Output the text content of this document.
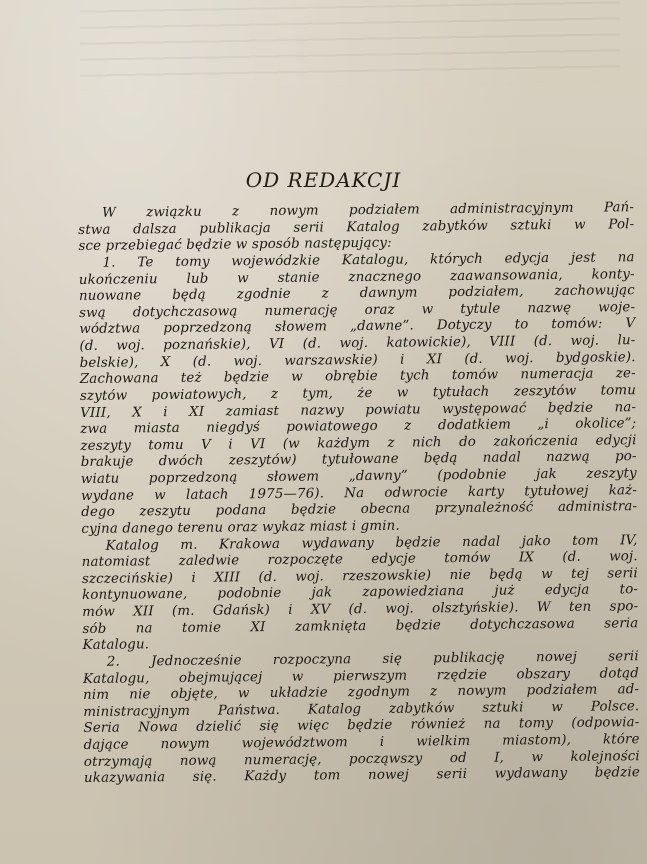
OD REDAKCJI
W związku z nowym podziałem administracyjnym Pań-
stwa dalsza publikacja serii Katalog zabytków sztuki w Pol-
sce przebiegać będzie w sposób następujący:
1. Te tomy wojewódzkie Katalogu, których edycja jest na
ukończeniu lub w stanie znacznego zaawansowania, konty-
nuowane będą zgodnie z dawnym podziałem, zachowując
swą dotychczasową numerację oraz w tytule nazwę woje-
wództwa poprzedzoną słowem „dawne”. Dotyczy to tomów: V
(d. woj. poznańskie), VI (d. woj. katowickie), VIII (d. woj. lu-
belskie), X (d. woj. warszawskie) i XI (d. woj. bydgoskie).
Zachowana też będzie w obrębie tych tomów numeracja ze-
szytów powiatowych, z tym, że w tytułach zeszytów tomu
VIII, X i XI zamiast nazwy powiatu występować będzie na-
zwa miasta niegdyś powiatowego z dodatkiem „i okolice”;
zeszyty tomu V i VI (w każdym z nich do zakończenia edycji
brakuje dwóch zeszytów) tytułowane będą nadal nazwą po-
wiatu poprzedzoną słowem „dawny” (podobnie jak zeszyty
wydane w latach 1975—76). Na odwrocie karty tytułowej każ-
dego zeszytu podana będzie obecna przynależność administra-
cyjna danego terenu oraz wykaz miast i gmin.
Katalog m. Krakowa wydawany będzie nadal jako tom IV,
natomiast zaledwie rozpoczęte edycje tomów IX (d. woj.
szczecińskie) i XIII (d. woj. rzeszowskie) nie będą w tej serii
kontynuowane, podobnie jak zapowiedziana już edycja to-
mów XII (m. Gdańsk) i XV (d. woj. olsztyńskie). W ten spo-
sób na tomie XI zamknięta będzie dotychczasowa seria
Katalogu.
2. Jednocześnie rozpoczyna się publikację nowej serii
Katalogu, obejmującej w pierwszym rzędzie obszary dotąd
nim nie objęte, w układzie zgodnym z nowym podziałem ad-
ministracyjnym Państwa. Katalog zabytków sztuki w Polsce.
Seria Nowa dzielić się więc będzie również na tomy (odpowia-
dające nowym województwom i wielkim miastom), które
otrzymają nową numerację, począwszy od I, w kolejności
ukazywania się. Każdy tom nowej serii wydawany będzie
